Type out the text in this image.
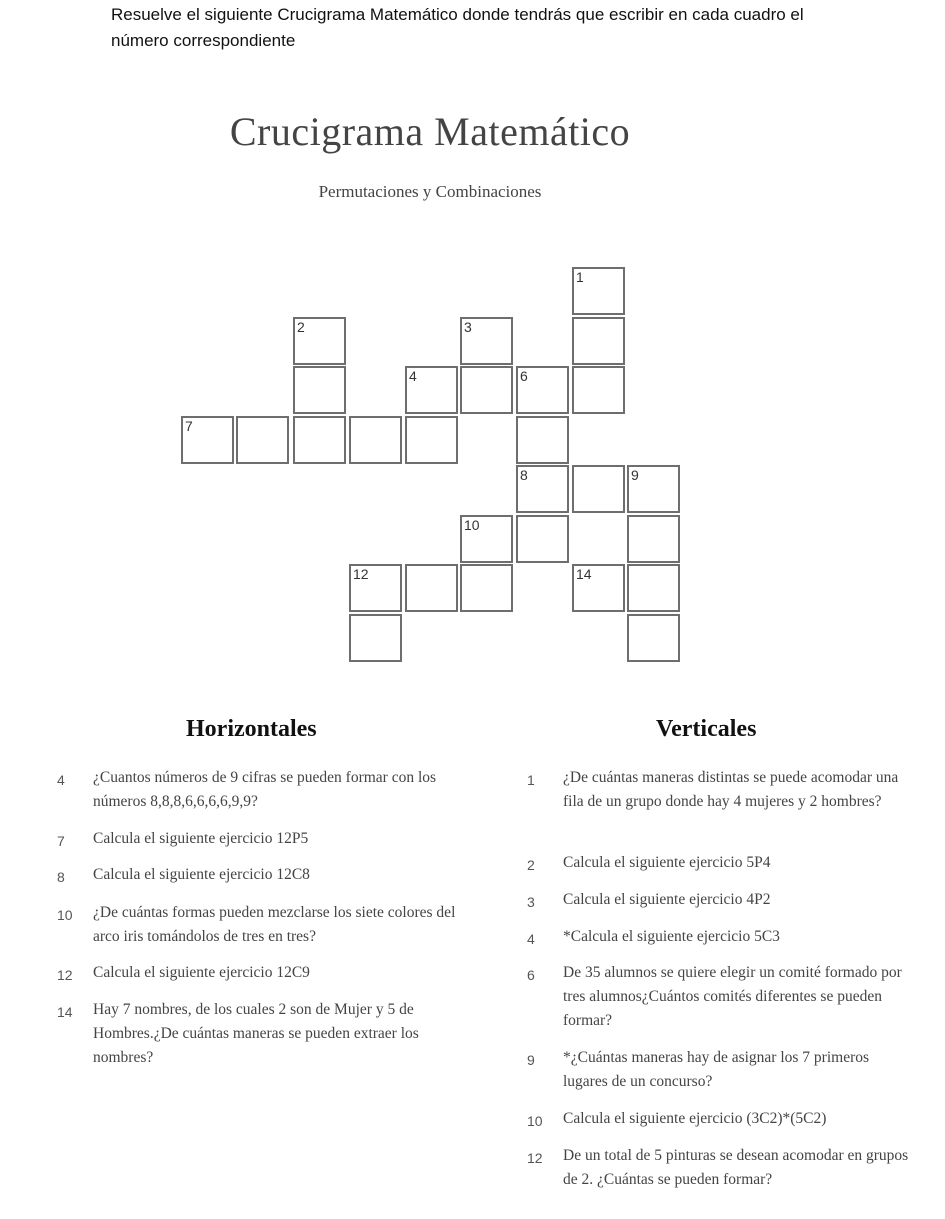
Resuelve el siguiente Crucigrama Matemático donde tendrás que escribir en cada cuadro el número correspondiente

Crucigrama Matemático

Permutaciones y Combinaciones

1
2	3
4	6
7
8	9
10
12	14
Horizontales	Verticales
4	¿Cuantos números de 9 cifras se pueden formar con los números 8,8,8,6,6,6,6,9,9?
7	Calcula el siguiente ejercicio 12P5
8	Calcula el siguiente ejercicio 12C8
10	¿De cuántas formas pueden mezclarse los siete colores del arco iris tomándolos de tres en tres?
12	Calcula el siguiente ejercicio 12C9
14	Hay 7 nombres, de los cuales 2 son de Mujer y 5 de Hombres.¿De cuántas maneras se pueden extraer los nombres?
1	¿De cuántas maneras distintas se puede acomodar una fila de un grupo donde hay 4 mujeres y 2 hombres?
2	Calcula el siguiente ejercicio 5P4
3	Calcula el siguiente ejercicio 4P2
4	*Calcula el siguiente ejercicio 5C3
6	De 35 alumnos se quiere elegir un comité formado por tres alumnos¿Cuántos comités diferentes se pueden formar?
9	*¿Cuántas maneras hay de asignar los 7 primeros lugares de un concurso?
10	Calcula el siguiente ejercicio (3C2)*(5C2)
12	De un total de 5 pinturas se desean acomodar en grupos de 2. ¿Cuántas se pueden formar?
